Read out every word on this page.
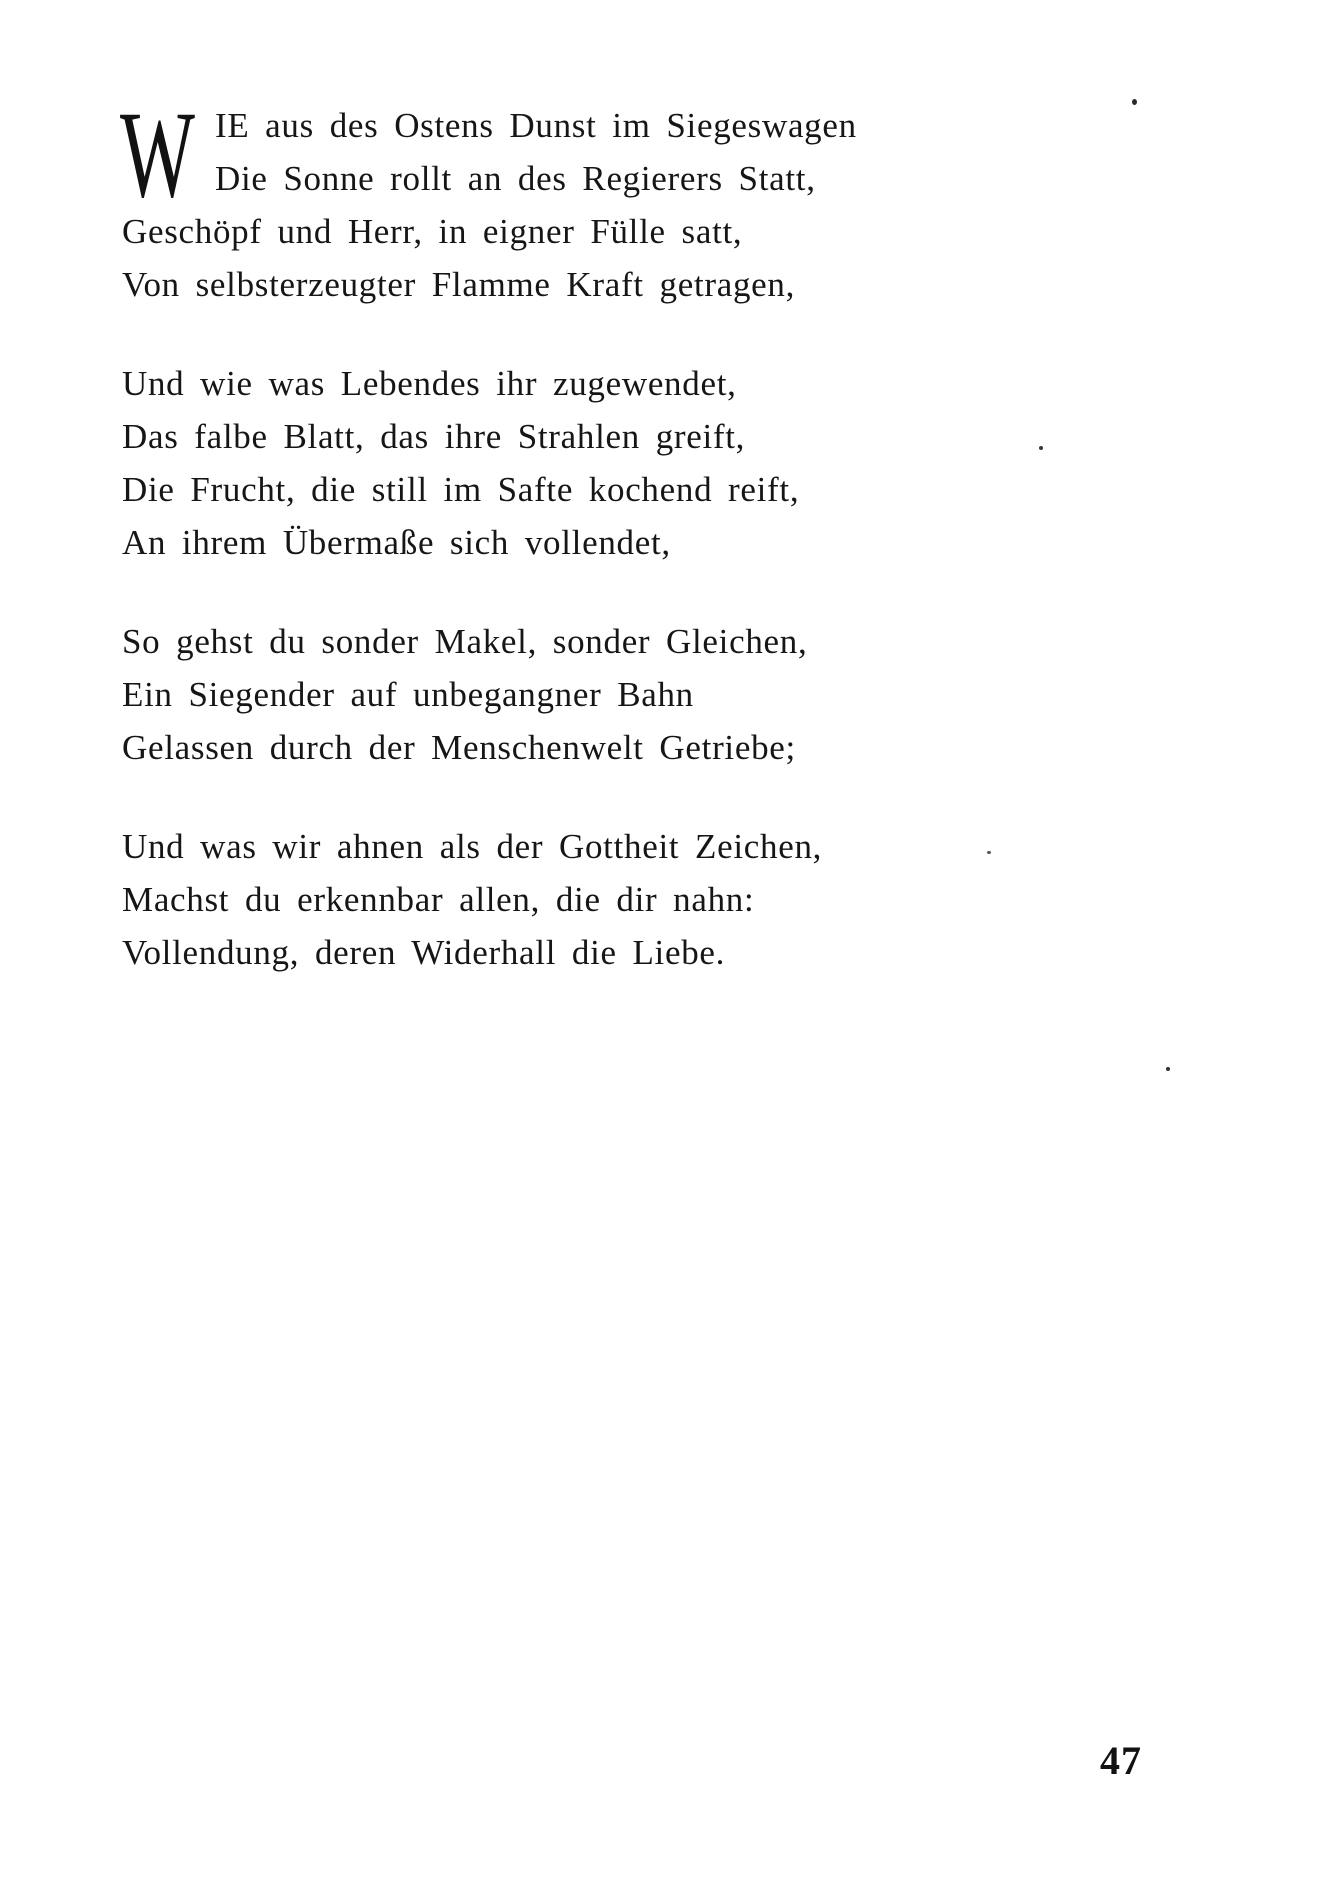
W IE aus des Ostens Dunst im Siegeswagen
Die Sonne rollt an des Regierers Statt,
Geschöpf und Herr, in eigner Fülle satt,
Von selbsterzeugter Flamme Kraft getragen,
Und wie was Lebendes ihr zugewendet,
Das falbe Blatt, das ihre Strahlen greift,
Die Frucht, die still im Safte kochend reift,
An ihrem Übermaße sich vollendet,
So gehst du sonder Makel, sonder Gleichen,
Ein Siegender auf unbegangner Bahn
Gelassen durch der Menschenwelt Getriebe;
Und was wir ahnen als der Gottheit Zeichen,
Machst du erkennbar allen, die dir nahn:
Vollendung, deren Widerhall die Liebe.
47
